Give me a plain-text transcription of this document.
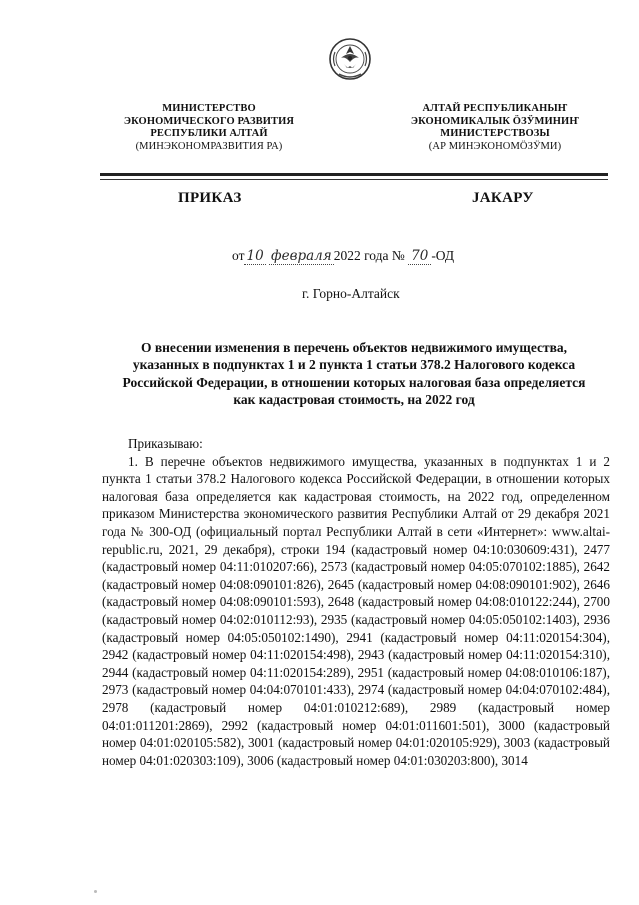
МИНИСТЕРСТВО
ЭКОНОМИЧЕСКОГО РАЗВИТИЯ
РЕСПУБЛИКИ АЛТАЙ
(МИНЭКОНОМРАЗВИТИЯ РА)
АЛТАЙ РЕСПУБЛИКАНЫҤ
ЭКОНОМИКАЛЫК ӦЗӰМИНИҤ
МИНИСТЕРСТВОЗЫ
(АР МИНЭКОНОМӦЗӰМИ)
ПРИКАЗ	ЈАКАРУ
от 10 февраля 2022 года № 70 -ОД
г. Горно-Алтайск
О внесении изменения в перечень объектов недвижимого имущества, указанных в подпунктах 1 и 2 пункта 1 статьи 378.2 Налогового кодекса Российской Федерации, в отношении которых налоговая база определяется как кадастровая стоимость, на 2022 год

Приказываю:

1. В перечне объектов недвижимого имущества, указанных в подпунктах 1 и 2 пункта 1 статьи 378.2 Налогового кодекса Российской Федерации, в отношении которых налоговая база определяется как кадастровая стоимость, на 2022 год, определенном приказом Министерства экономического развития Республики Алтай от 29 декабря 2021 года № 300-ОД (официальный портал Республики Алтай в сети «Интернет»: www.altai-republic.ru, 2021, 29 декабря), строки 194 (кадастровый номер 04:10:030609:431), 2477 (кадастровый номер 04:11:010207:66), 2573 (кадастровый номер 04:05:070102:1885), 2642 (кадастровый номер 04:08:090101:826), 2645 (кадастровый номер 04:08:090101:902), 2646 (кадастровый номер 04:08:090101:593), 2648 (кадастровый номер 04:08:010122:244), 2700 (кадастровый номер 04:02:010112:93), 2935 (кадастровый номер 04:05:050102:1403), 2936 (кадастровый номер 04:05:050102:1490), 2941 (кадастровый номер 04:11:020154:304), 2942 (кадастровый номер 04:11:020154:498), 2943 (кадастровый номер 04:11:020154:310), 2944 (кадастровый номер 04:11:020154:289), 2951 (кадастровый номер 04:08:010106:187), 2973 (кадастровый номер 04:04:070101:433), 2974 (кадастровый номер 04:04:070102:484), 2978 (кадастровый номер 04:01:010212:689), 2989 (кадастровый номер 04:01:011201:2869), 2992 (кадастровый номер 04:01:011601:501), 3000 (кадастровый номер 04:01:020105:582), 3001 (кадастровый номер 04:01:020105:929), 3003 (кадастровый номер 04:01:020303:109), 3006 (кадастровый номер 04:01:030203:800), 3014
